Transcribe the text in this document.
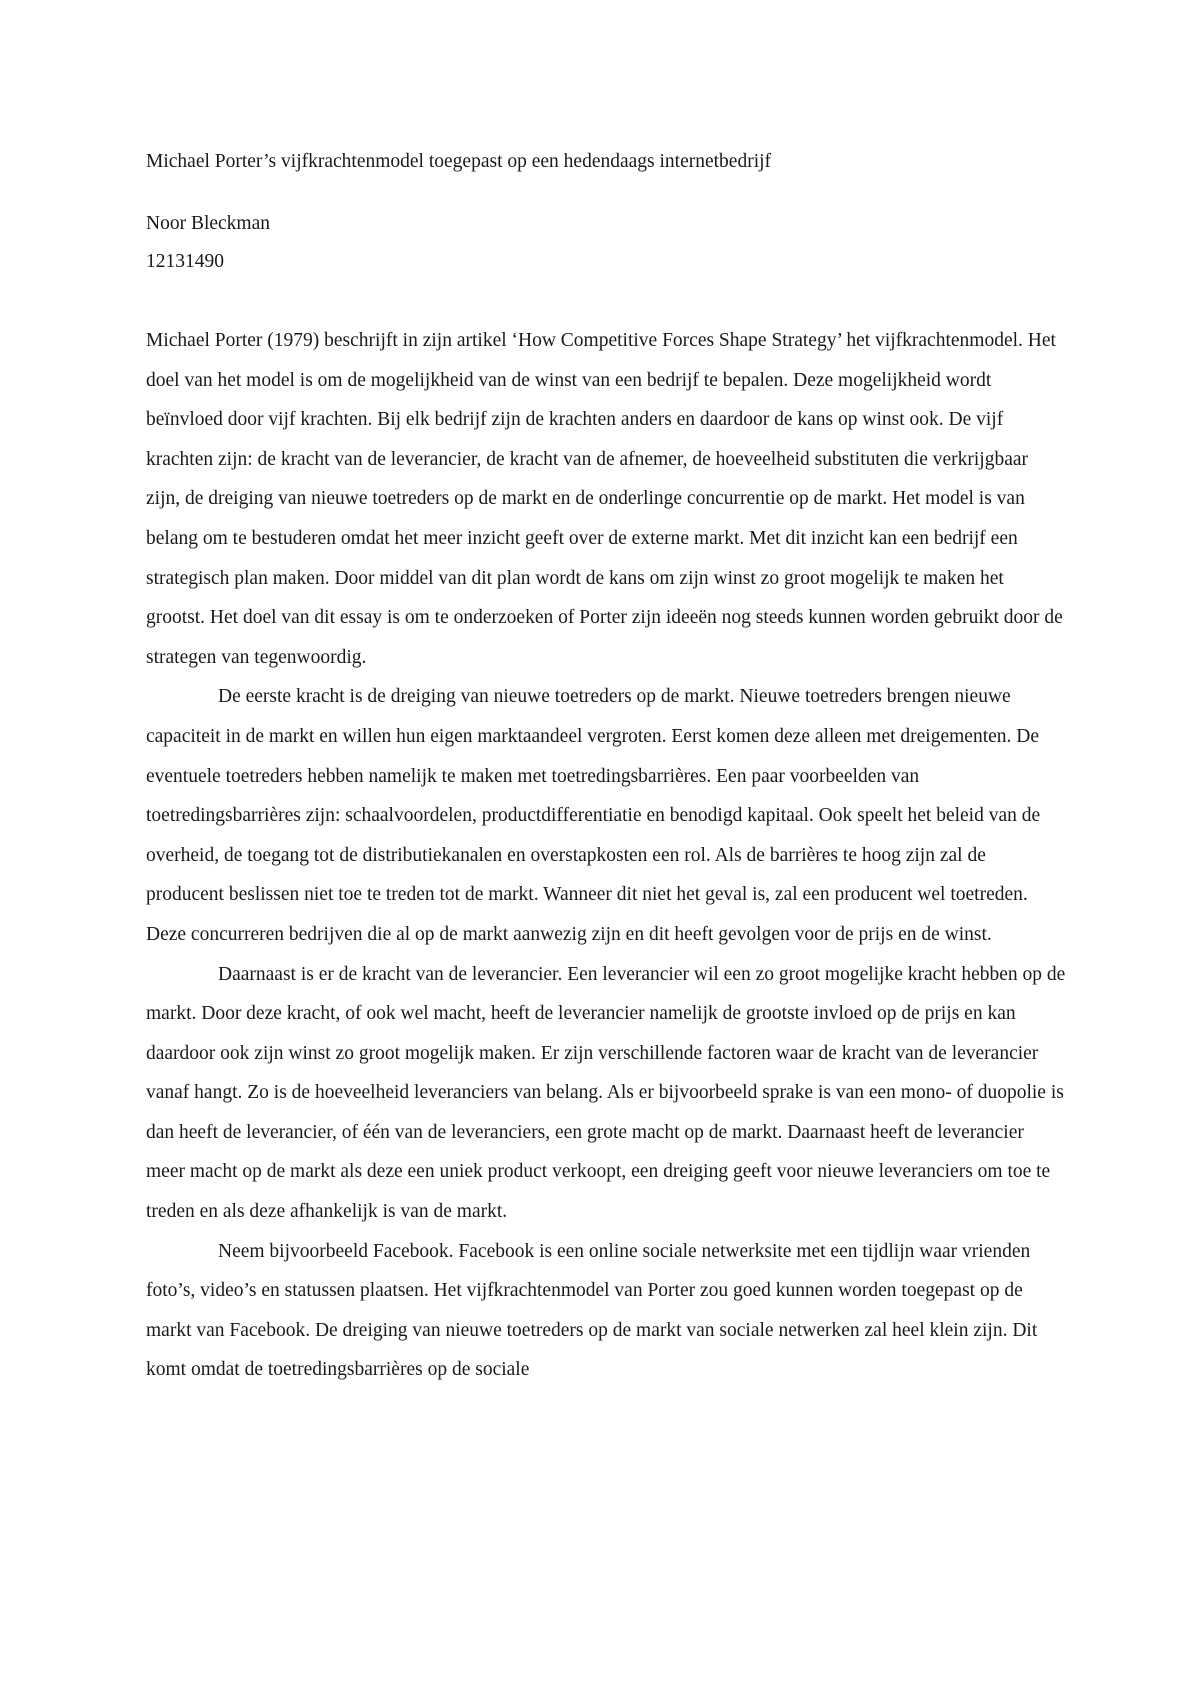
Michael Porter’s vijfkrachtenmodel toegepast op een hedendaags internetbedrijf
Noor Bleckman
12131490

Michael Porter (1979) beschrijft in zijn artikel ‘How Competitive Forces Shape Strategy’ het vijfkrachtenmodel. Het doel van het model is om de mogelijkheid van de winst van een bedrijf te bepalen. Deze mogelijkheid wordt beïnvloed door vijf krachten. Bij elk bedrijf zijn de krachten anders en daardoor de kans op winst ook. De vijf krachten zijn: de kracht van de leverancier, de kracht van de afnemer, de hoeveelheid substituten die verkrijgbaar zijn, de dreiging van nieuwe toetreders op de markt en de onderlinge concurrentie op de markt. Het model is van belang om te bestuderen omdat het meer inzicht geeft over de externe markt. Met dit inzicht kan een bedrijf een strategisch plan maken. Door middel van dit plan wordt de kans om zijn winst zo groot mogelijk te maken het grootst. Het doel van dit essay is om te onderzoeken of Porter zijn ideeën nog steeds kunnen worden gebruikt door de strategen van tegenwoordig.

De eerste kracht is de dreiging van nieuwe toetreders op de markt. Nieuwe toetreders brengen nieuwe capaciteit in de markt en willen hun eigen marktaandeel vergroten. Eerst komen deze alleen met dreigementen. De eventuele toetreders hebben namelijk te maken met toetredingsbarrières. Een paar voorbeelden van toetredingsbarrières zijn: schaalvoordelen, productdifferentiatie en benodigd kapitaal. Ook speelt het beleid van de overheid, de toegang tot de distributiekanalen en overstapkosten een rol. Als de barrières te hoog zijn zal de producent beslissen niet toe te treden tot de markt. Wanneer dit niet het geval is, zal een producent wel toetreden. Deze concurreren bedrijven die al op de markt aanwezig zijn en dit heeft gevolgen voor de prijs en de winst.

Daarnaast is er de kracht van de leverancier. Een leverancier wil een zo groot mogelijke kracht hebben op de markt. Door deze kracht, of ook wel macht, heeft de leverancier namelijk de grootste invloed op de prijs en kan daardoor ook zijn winst zo groot mogelijk maken. Er zijn verschillende factoren waar de kracht van de leverancier vanaf hangt. Zo is de hoeveelheid leveranciers van belang. Als er bijvoorbeeld sprake is van een mono- of duopolie is dan heeft de leverancier, of één van de leveranciers, een grote macht op de markt. Daarnaast heeft de leverancier meer macht op de markt als deze een uniek product verkoopt, een dreiging geeft voor nieuwe leveranciers om toe te treden en als deze afhankelijk is van de markt.

Neem bijvoorbeeld Facebook. Facebook is een online sociale netwerksite met een tijdlijn waar vrienden foto’s, video’s en statussen plaatsen. Het vijfkrachtenmodel van Porter zou goed kunnen worden toegepast op de markt van Facebook. De dreiging van nieuwe toetreders op de markt van sociale netwerken zal heel klein zijn. Dit komt omdat de toetredingsbarrières op de sociale
